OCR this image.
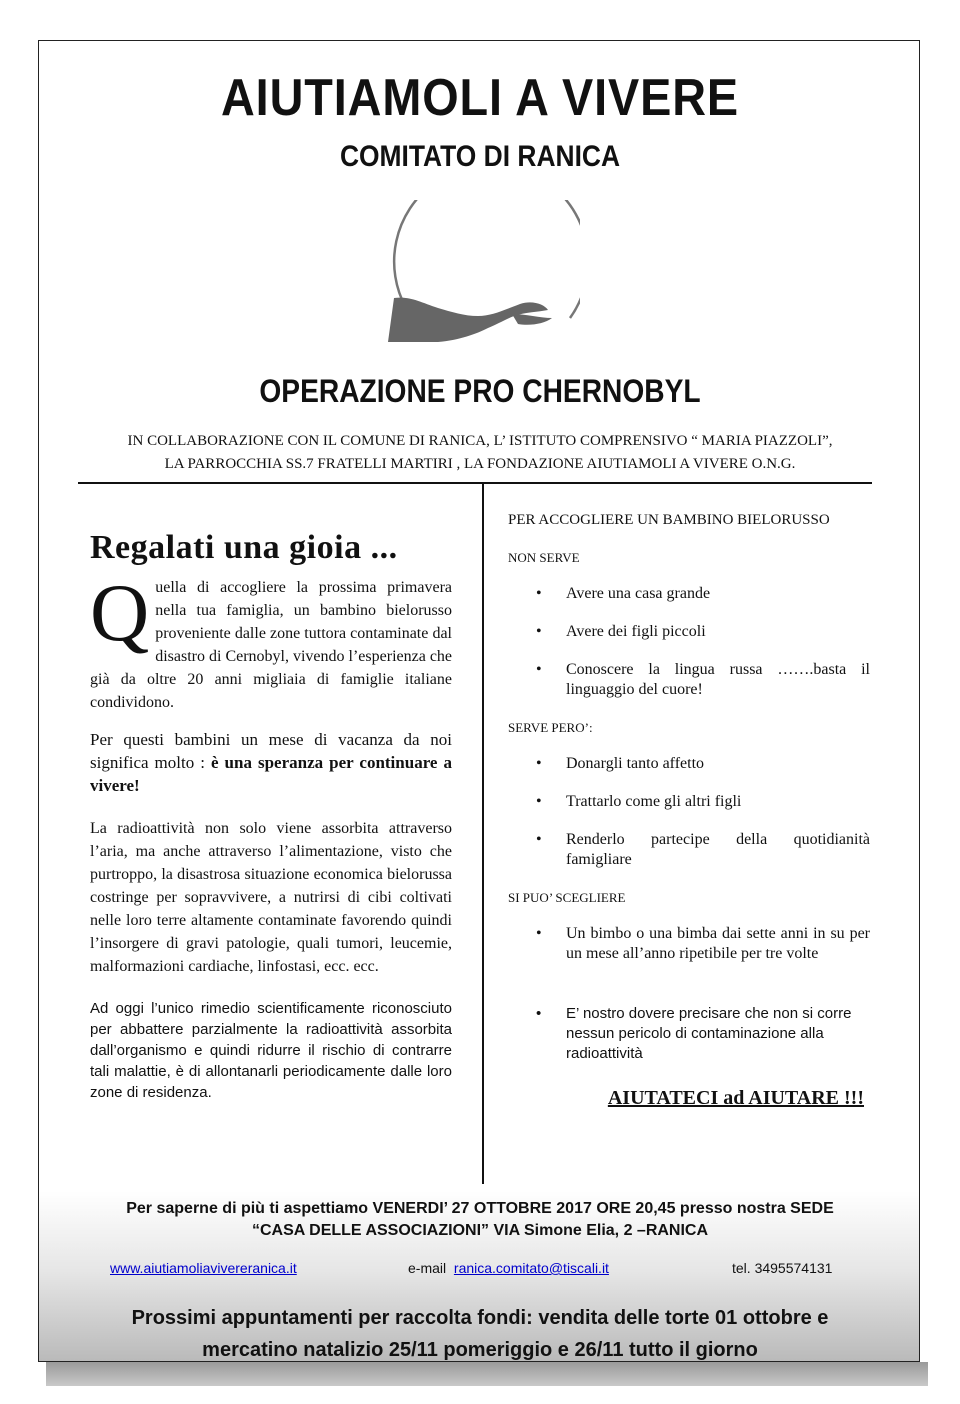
AIUTIAMOLI A VIVERE
COMITATO DI RANICA
OPERAZIONE PRO CHERNOBYL
IN COLLABORAZIONE CON IL COMUNE DI RANICA, L’ ISTITUTO COMPRENSIVO “ MARIA PIAZZOLI”,
LA PARROCCHIA SS.7 FRATELLI MARTIRI , LA FONDAZIONE AIUTIAMOLI A VIVERE O.N.G.
Regalati una gioia ...

Quella di accogliere la prossima primavera nella tua famiglia, un bambino bielorusso proveniente dalle zone tuttora contaminate dal disastro di Cernobyl, vivendo l’esperienza che già da oltre 20 anni migliaia di famiglie italiane condividono.

Per questi bambini un mese di vacanza da noi significa molto : è una speranza per continuare a vivere!

La radioattività non solo viene assorbita attraverso l’aria, ma anche attraverso l’alimentazione, visto che purtroppo, la disastrosa situazione economica bielorussa costringe per sopravvivere, a nutrirsi di cibi coltivati nelle loro terre altamente contaminate favorendo quindi l’insorgere di gravi patologie, quali tumori, leucemie, malformazioni cardiache, linfostasi, ecc. ecc.

Ad oggi l’unico rimedio scientificamente riconosciuto per abbattere parzialmente la radioattività assorbita dall’organismo e quindi ridurre il rischio di contrarre tali malattie, è di allontanarli periodicamente dalle loro zone di residenza.

PER ACCOGLIERE UN BAMBINO BIELORUSSO
NON SERVE
• Avere una casa grande
• Avere dei figli piccoli
• Conoscere la lingua russa …….basta il linguaggio del cuore!
SERVE PERO’:
• Donargli tanto affetto
• Trattarlo come gli altri figli
• Renderlo partecipe della quotidianità famigliare
SI PUO’ SCEGLIERE
• Un bimbo o una bimba dai sette anni in su per un mese all’anno ripetibile per tre volte
• E’ nostro dovere precisare che non si corre nessun pericolo di contaminazione alla radioattività
AIUTATECI ad AIUTARE !!!
Per saperne di più ti aspettiamo VENERDI’ 27 OTTOBRE 2017 ORE 20,45 presso nostra SEDE
“CASA DELLE ASSOCIAZIONI” VIA Simone Elia, 2 –RANICA
www.aiutiamoliavivereranica.it	e-mail ranica.comitato@tiscali.it	tel. 3495574131
Prossimi appuntamenti per raccolta fondi: vendita delle torte 01 ottobre e
mercatino natalizio 25/11 pomeriggio e 26/11 tutto il giorno
